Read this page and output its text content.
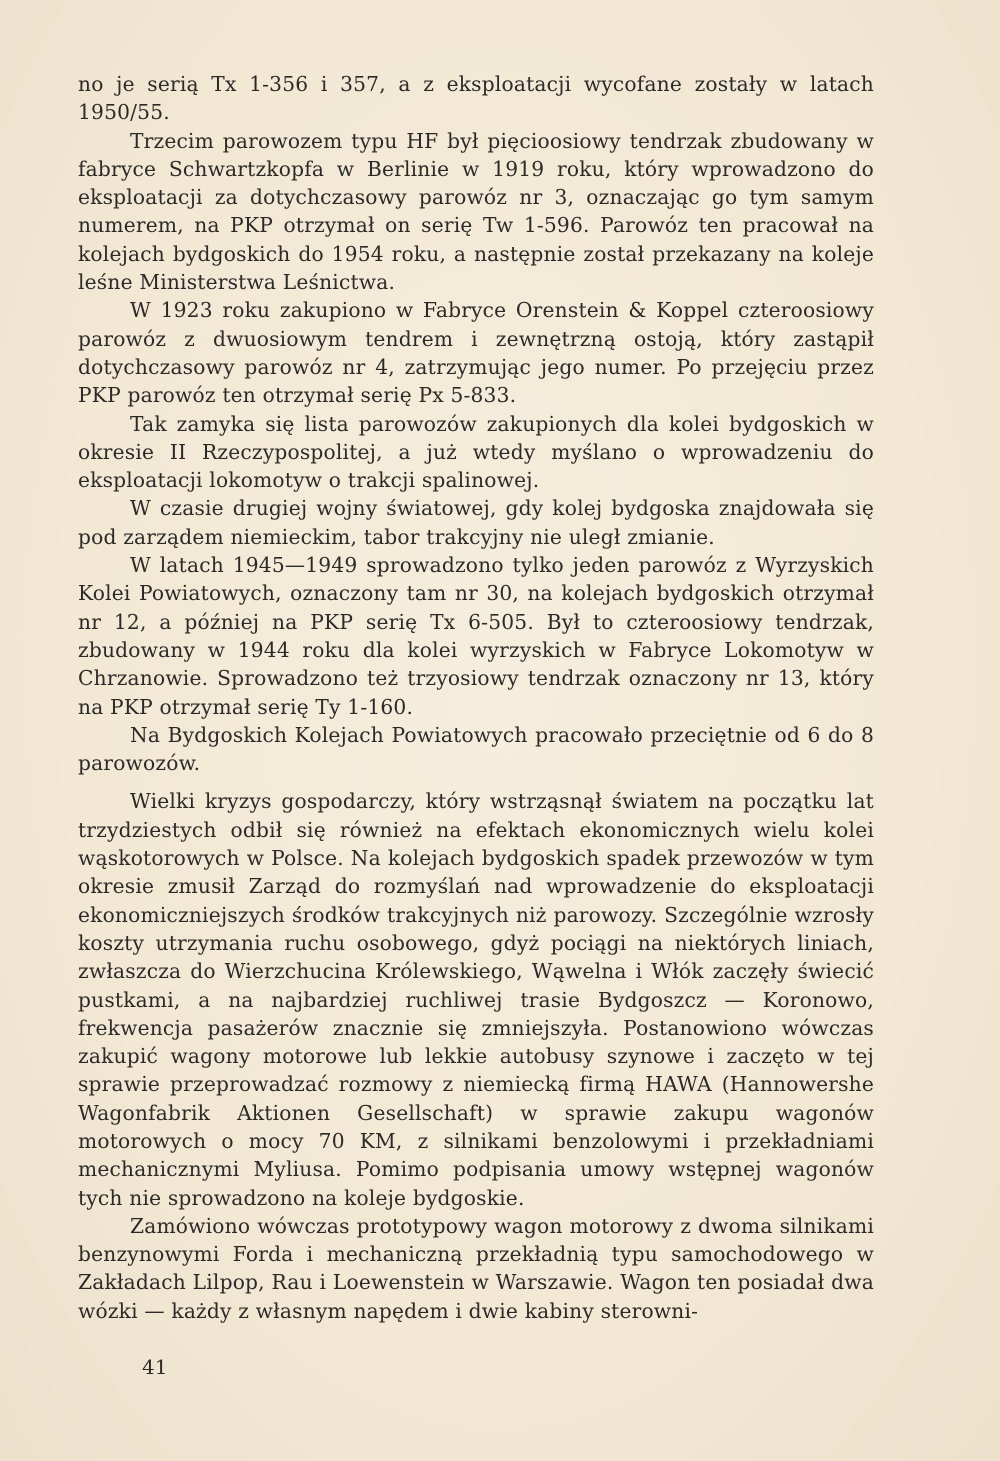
no je serią Tx 1-356 i 357, a z eksploatacji wycofane zostały w latach 1950/55.

Trzecim parowozem typu HF był pięcioosiowy tendrzak zbudowany w fabryce Schwartzkopfa w Berlinie w 1919 roku, który wprowadzono do eksploatacji za dotychczasowy parowóz nr 3, oznaczając go tym samym numerem, na PKP otrzymał on serię Tw 1-596. Parowóz ten pracował na kolejach bydgoskich do 1954 roku, a następnie został przekazany na koleje leśne Ministerstwa Leśnictwa.

W 1923 roku zakupiono w Fabryce Orenstein & Koppel czteroosiowy parowóz z dwuosiowym tendrem i zewnętrzną ostoją, który zastąpił dotychczasowy parowóz nr 4, zatrzymując jego numer. Po przejęciu przez PKP parowóz ten otrzymał serię Px 5-833.

Tak zamyka się lista parowozów zakupionych dla kolei bydgoskich w okresie II Rzeczypospolitej, a już wtedy myślano o wprowadzeniu do eksploatacji lokomotyw o trakcji spalinowej.

W czasie drugiej wojny światowej, gdy kolej bydgoska znajdowała się pod zarządem niemieckim, tabor trakcyjny nie uległ zmianie.

W latach 1945—1949 sprowadzono tylko jeden parowóz z Wyrzyskich Kolei Powiatowych, oznaczony tam nr 30, na kolejach bydgoskich otrzymał nr 12, a później na PKP serię Tx 6-505. Był to czteroosiowy tendrzak, zbudowany w 1944 roku dla kolei wyrzyskich w Fabryce Lokomotyw w Chrzanowie. Sprowadzono też trzyosiowy tendrzak oznaczony nr 13, który na PKP otrzymał serię Ty 1-160.

Na Bydgoskich Kolejach Powiatowych pracowało przeciętnie od 6 do 8 parowozów.

Wielki kryzys gospodarczy, który wstrząsnął światem na początku lat trzydziestych odbił się również na efektach ekonomicznych wielu kolei wąskotorowych w Polsce. Na kolejach bydgoskich spadek przewozów w tym okresie zmusił Zarząd do rozmyślań nad wprowadzenie do eksploatacji ekonomiczniejszych środków trakcyjnych niż parowozy. Szczególnie wzrosły koszty utrzymania ruchu osobowego, gdyż pociągi na niektórych liniach, zwłaszcza do Wierzchucina Królewskiego, Wąwelna i Włók zaczęły świecić pustkami, a na najbardziej ruchliwej trasie Bydgoszcz — Koronowo, frekwencja pasażerów znacznie się zmniejszyła. Postanowiono wówczas zakupić wagony motorowe lub lekkie autobusy szynowe i zaczęto w tej sprawie przeprowadzać rozmowy z niemiecką firmą HAWA (Hannowershe Wagonfabrik Aktionen Gesellschaft) w sprawie zakupu wagonów motorowych o mocy 70 KM, z silnikami benzolowymi i przekładniami mechanicznymi Myliusa. Pomimo podpisania umowy wstępnej wagonów tych nie sprowadzono na koleje bydgoskie.

Zamówiono wówczas prototypowy wagon motorowy z dwoma silnikami benzynowymi Forda i mechaniczną przekładnią typu samochodowego w Zakładach Lilpop, Rau i Loewenstein w Warszawie. Wagon ten posiadał dwa wózki — każdy z własnym napędem i dwie kabiny sterowni-

41
